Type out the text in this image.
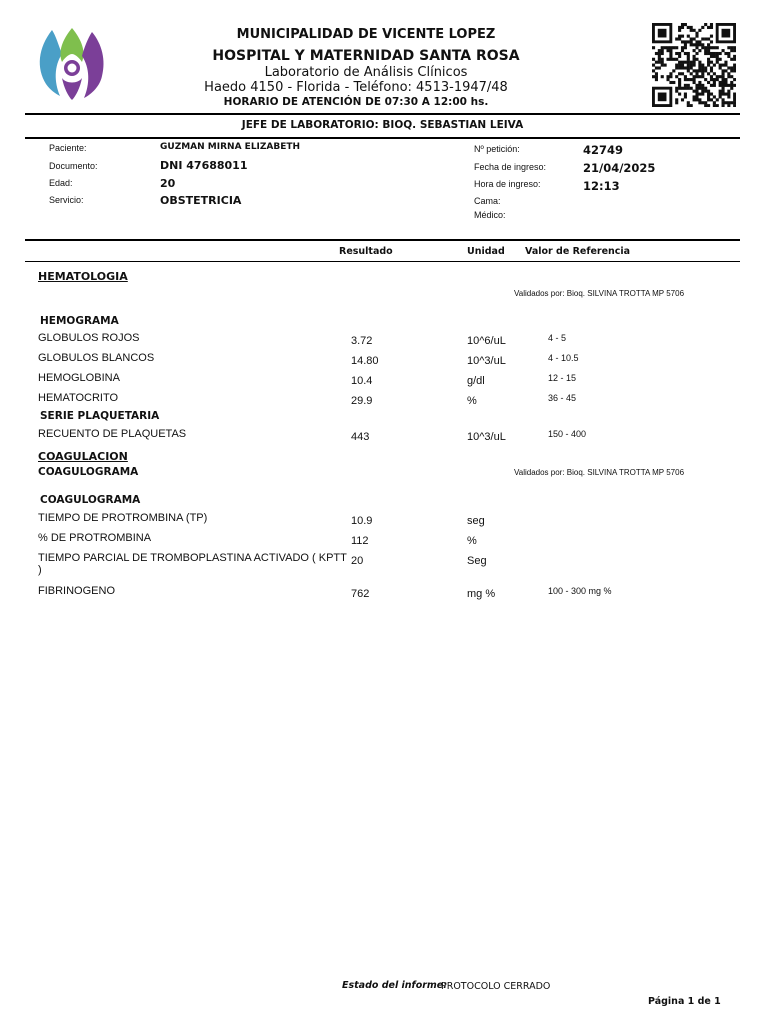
MUNICIPALIDAD DE VICENTE LOPEZ
HOSPITAL Y MATERNIDAD SANTA ROSA
Laboratorio de Análisis Clínicos
Haedo 4150 - Florida - Teléfono: 4513-1947/48
HORARIO DE ATENCIÓN DE 07:30 A 12:00 hs.
JEFE DE LABORATORIO: BIOQ. SEBASTIAN LEIVA
Paciente:	GUZMAN MIRNA ELIZABETH
Documento:	DNI 47688011
Edad:	20
Servicio:	OBSTETRICIA
Nº petición:	42749
Fecha de ingreso:	21/04/2025
Hora de ingreso:	12:13
Cama:
Médico:
Resultado	Unidad Valor de Referencia
HEMATOLOGIA
Validados por: Bioq. SILVINA TROTTA MP 5706
HEMOGRAMA
GLOBULOS ROJOS	3.72	10^6/uL	4 - 5
GLOBULOS BLANCOS	14.80	10^3/uL	4 - 10.5
HEMOGLOBINA	10.4	g/dl	12 - 15
HEMATOCRITO	29.9	%	36 - 45
SERIE PLAQUETARIA
RECUENTO DE PLAQUETAS	443	10^3/uL	150 - 400
COAGULACION
COAGULOGRAMA	Validados por: Bioq. SILVINA TROTTA MP 5706
COAGULOGRAMA
TIEMPO DE PROTROMBINA (TP)	10.9	seg
% DE PROTROMBINA	112	%
TIEMPO PARCIAL DE TROMBOPLASTINA ACTIVADO ( KPTT
)
20	Seg
FIBRINOGENO	762	mg %	100 - 300 mg %
Estado del informe:
PROTOCOLO CERRADO
Página 1 de 1
